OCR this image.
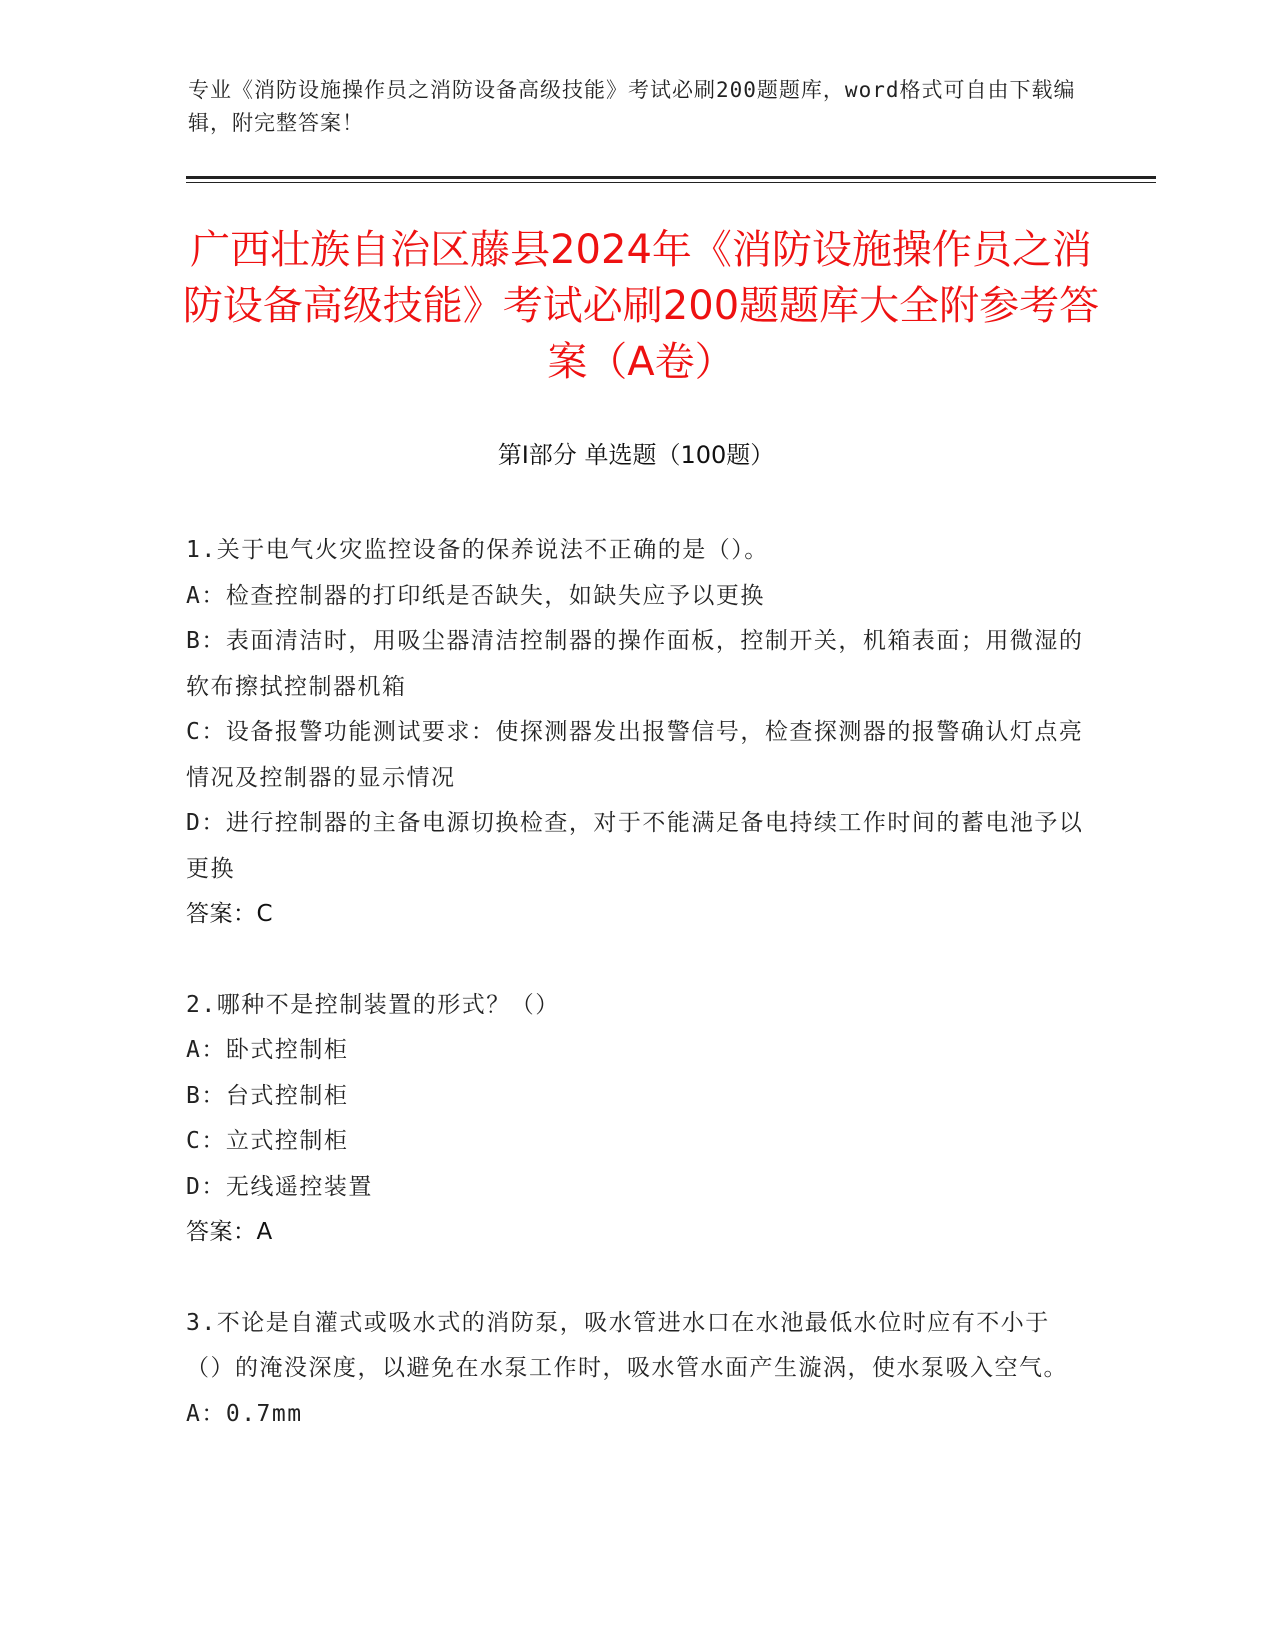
专业《消防设施操作员之消防设备高级技能》考试必刷200题题库，word格式可自由下载编辑，附完整答案！
广西壮族自治区藤县2024年《消防设施操作员之消防设备高级技能》考试必刷200题题库大全附参考答案（A卷）
第Ⅰ部分 单选题（100题）
1.关于电气火灾监控设备的保养说法不正确的是（）。
A：检查控制器的打印纸是否缺失，如缺失应予以更换
B：表面清洁时，用吸尘器清洁控制器的操作面板，控制开关，机箱表面；用微湿的软布擦拭控制器机箱
C：设备报警功能测试要求：使探测器发出报警信号，检查探测器的报警确认灯点亮情况及控制器的显示情况
D：进行控制器的主备电源切换检查，对于不能满足备电持续工作时间的蓄电池予以更换
答案：C
2.哪种不是控制装置的形式？（）
A：卧式控制柜
B：台式控制柜
C：立式控制柜
D：无线遥控装置
答案：A
3.不论是自灌式或吸水式的消防泵，吸水管进水口在水池最低水位时应有不小于（）的淹没深度，以避免在水泵工作时，吸水管水面产生漩涡，使水泵吸入空气。
A：0.7mm
